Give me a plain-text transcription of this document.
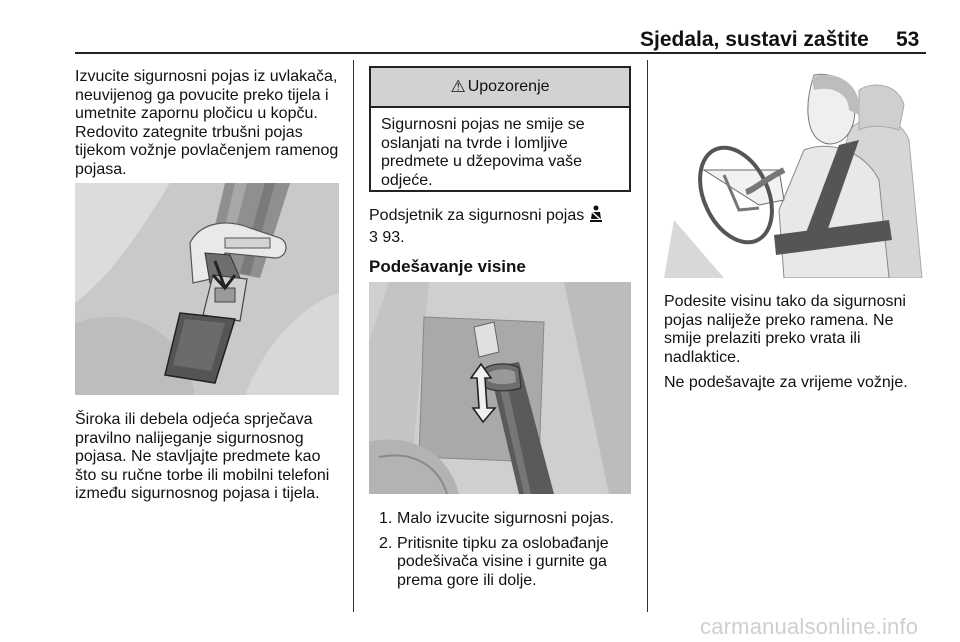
Sjedala, sustavi zaštite 53

Izvucite sigurnosni pojas iz uvlakača,

neuvijenog ga povucite preko tijela i

umetnite zapornu pločicu u kopču.

Redovito zategnite trbušni pojas

tijekom vožnje povlačenjem ramenog

pojasa.

Široka ili debela odjeća sprječava

pravilno nalijeganje sigurnosnog

pojasa. Ne stavljajte predmete kao

što su ručne torbe ili mobilni telefoni

između sigurnosnog pojasa i tijela.

⚠ Upozorenje
Sigurnosni pojas ne smije se
oslanjati na tvrde i lomljive
predmete u džepovima vaše
odjeće.

Podsjetnik za sigurnosni pojas

3 93.

Podešavanje visine
1. Malo izvucite sigurnosni pojas.
2. Pritisnite tipku za oslobađanje
podešivača visine i gurnite ga
prema gore ili dolje.

Podesite visinu tako da sigurnosni

pojas naliježe preko ramena. Ne

smije prelaziti preko vrata ili

nadlaktice.

Ne podešavajte za vrijeme vožnje.

carmanualsonline.info
